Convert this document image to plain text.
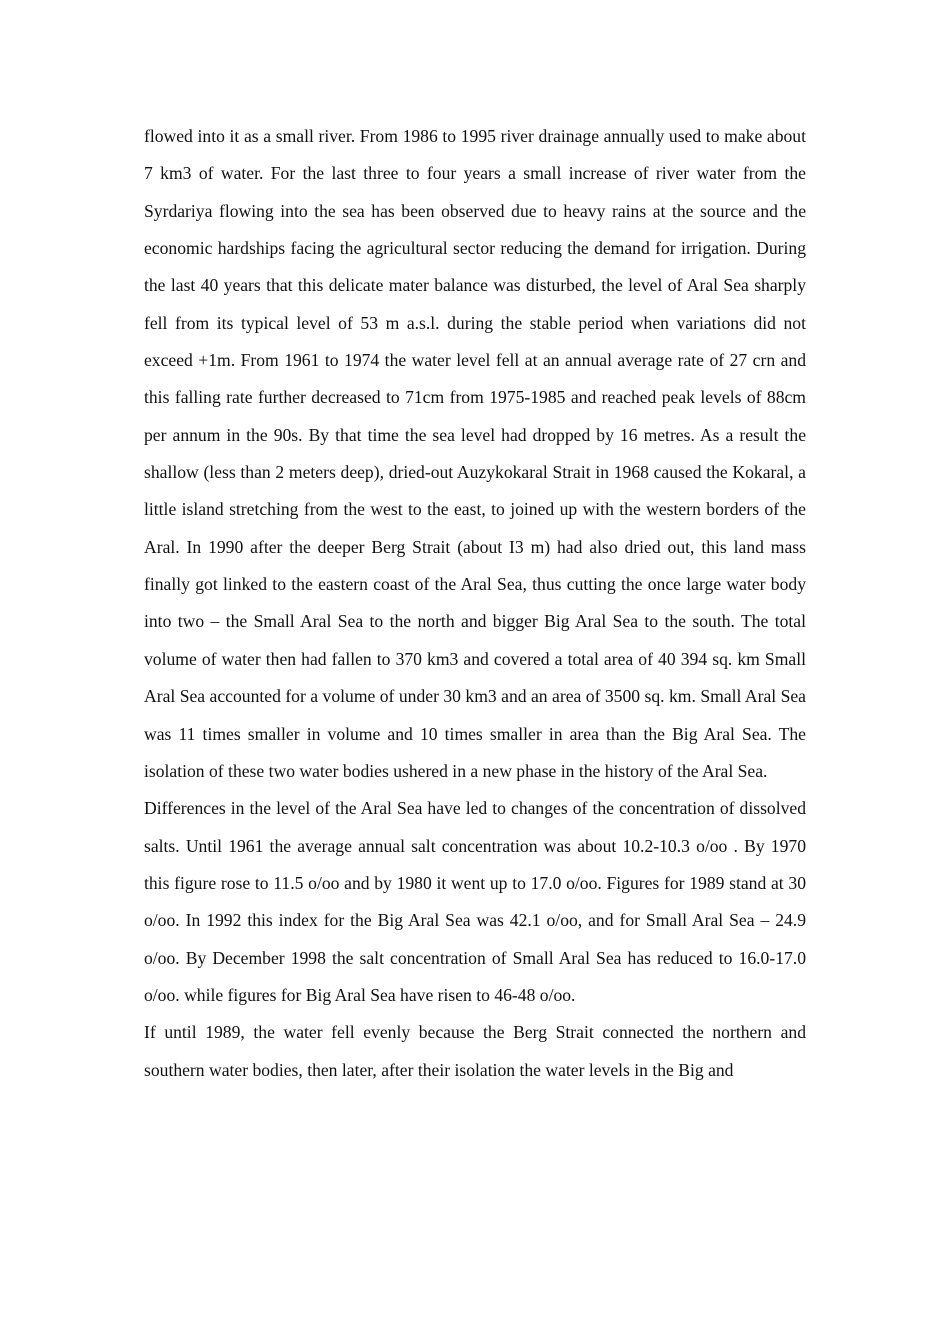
flowed into it as a small river. From 1986 to 1995 river drainage annually used to make about 7 km3 of water. For the last three to four years a small increase of river water from the Syrdariya flowing into the sea has been observed due to heavy rains at the source and the economic hardships facing the agricultural sector reducing the demand for irrigation. During the last 40 years that this delicate mater balance was disturbed, the level of Aral Sea sharply fell from its typical level of 53 m a.s.l. during the stable period when variations did not exceed +1m. From 1961 to 1974 the water level fell at an annual average rate of 27 crn and this falling rate further decreased to 71cm from 1975-1985 and reached peak levels of 88cm per annum in the 90s. By that time the sea level had dropped by 16 metres. As a result the shallow (less than 2 meters deep), dried-out Auzykokaral Strait in 1968 caused the Kokaral, a little island stretching from the west to the east, to joined up with the western borders of the Aral. In 1990 after the deeper Berg Strait (about I3 m) had also dried out, this land mass finally got linked to the eastern coast of the Aral Sea, thus cutting the once large water body into two – the Small Aral Sea to the north and bigger Big Aral Sea to the south. The total volume of water then had fallen to 370 km3 and covered a total area of 40 394 sq. km Small Aral Sea accounted for a volume of under 30 km3 and an area of 3500 sq. km. Small Aral Sea was 11 times smaller in volume and 10 times smaller in area than the Big Aral Sea. The isolation of these two water bodies ushered in a new phase in the history of the Aral Sea.

Differences in the level of the Aral Sea have led to changes of the concentration of dissolved salts. Until 1961 the average annual salt concentration was about 10.2-10.3 o/oo . By 1970 this figure rose to 11.5 o/oo and by 1980 it went up to 17.0 o/oo. Figures for 1989 stand at 30 o/oo. In 1992 this index for the Big Aral Sea was 42.1 o/oo, and for Small Aral Sea – 24.9 o/oo. By December 1998 the salt concentration of Small Aral Sea has reduced to 16.0-17.0 o/oo. while figures for Big Aral Sea have risen to 46-48 o/oo.

If until 1989, the water fell evenly because the Berg Strait connected the northern and southern water bodies, then later, after their isolation the water levels in the Big and
